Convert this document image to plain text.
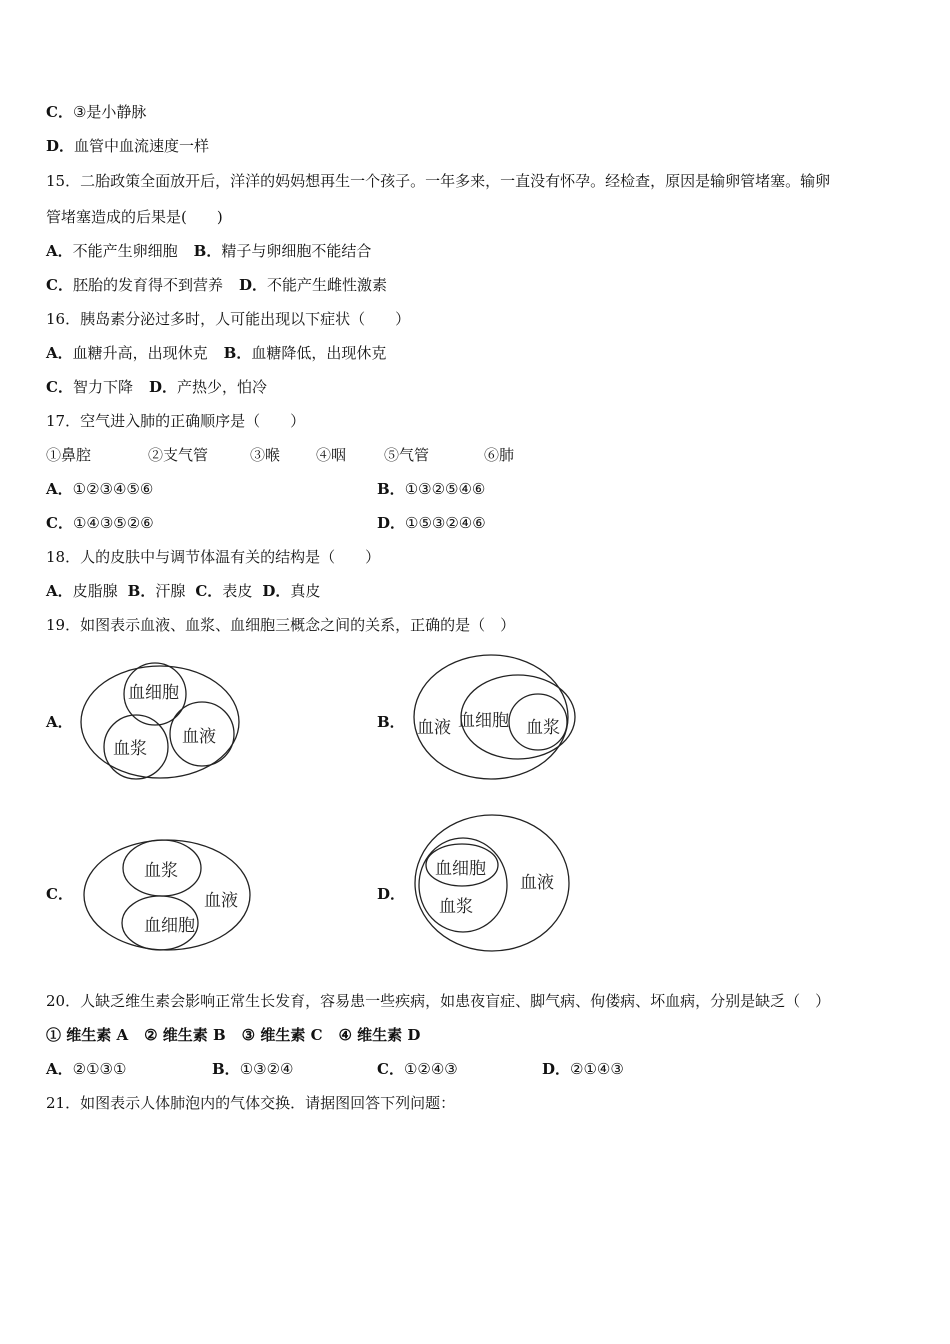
C．③是小静脉
D．血管中血流速度一样
15．二胎政策全面放开后，洋洋的妈妈想再生一个孩子。一年多来，一直没有怀孕。经检查，原因是输卵管堵塞。输卵
管堵塞造成的后果是(　　)
A．不能产生卵细胞 B．精子与卵细胞不能结合
C．胚胎的发育得不到营养 D．不能产生雌性激素
16．胰岛素分泌过多时，人可能出现以下症状（　　）
A．血糖升高，出现休克 B．血糖降低，出现休克
C．智力下降 D．产热少，怕冷
17．空气进入肺的正确顺序是（　　）
①鼻腔	②支气管	③喉 ④咽	⑤气管	⑥肺
A．①②③④⑤⑥	B．①③②⑤④⑥
C．①④③⑤②⑥	D．①⑤③②④⑥
18．人的皮肤中与调节体温有关的结构是（　　）
A．皮脂腺 B．汗腺 C．表皮 D．真皮
19．如图表示血液、血浆、血细胞三概念之间的关系，正确的是（　）
A．
血细胞
血浆
血液
B． 血液 血细胞 血浆
C．
血浆
血细胞
血液	D．
血细胞
血浆
血液
20．人缺乏维生素会影响正常生长发育，容易患一些疾病，如患夜盲症、脚气病、佝偻病、坏血病，分别是缺乏（　）
① 维生素 A ② 维生素 B ③ 维生素 C ④ 维生素 D
A．②①③①	B．①③②④	C．①②④③	D．②①④③
21．如图表示人体肺泡内的气体交换．请据图回答下列问题：
